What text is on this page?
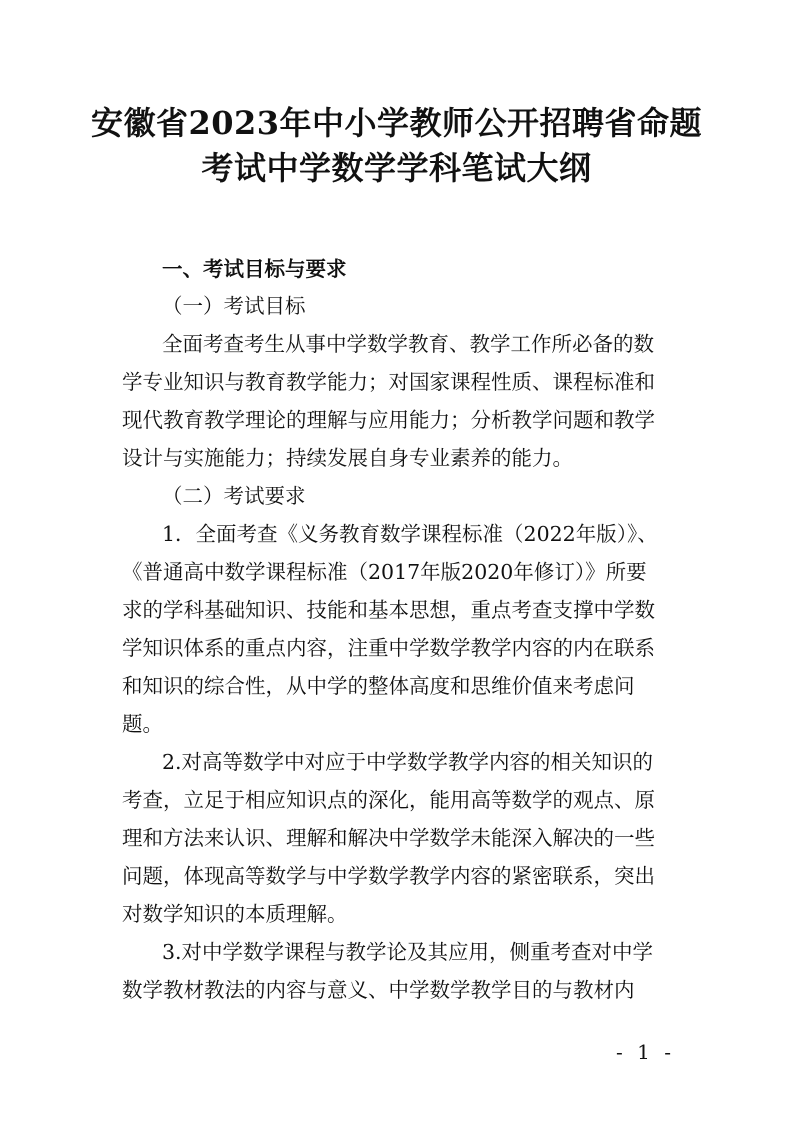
安徽省2023年中小学教师公开招聘省命题
考试中学数学学科笔试大纲
一、考试目标与要求
（一）考试目标
全面考查考生从事中学数学教育、教学工作所必备的数
学专业知识与教育教学能力；对国家课程性质、课程标准和
现代教育教学理论的理解与应用能力；分析教学问题和教学
设计与实施能力；持续发展自身专业素养的能力。
（二）考试要求
1．全面考查《义务教育数学课程标准（2022年版）》、
《普通高中数学课程标准（2017年版2020年修订）》所要
求的学科基础知识、技能和基本思想，重点考查支撑中学数
学知识体系的重点内容，注重中学数学教学内容的内在联系
和知识的综合性，从中学的整体高度和思维价值来考虑问
题。
2.对高等数学中对应于中学数学教学内容的相关知识的
考查，立足于相应知识点的深化，能用高等数学的观点、原
理和方法来认识、理解和解决中学数学未能深入解决的一些
问题，体现高等数学与中学数学教学内容的紧密联系，突出
对数学知识的本质理解。
3.对中学数学课程与教学论及其应用，侧重考查对中学
数学教材教法的内容与意义、中学数学教学目的与教材内
- 1 -
